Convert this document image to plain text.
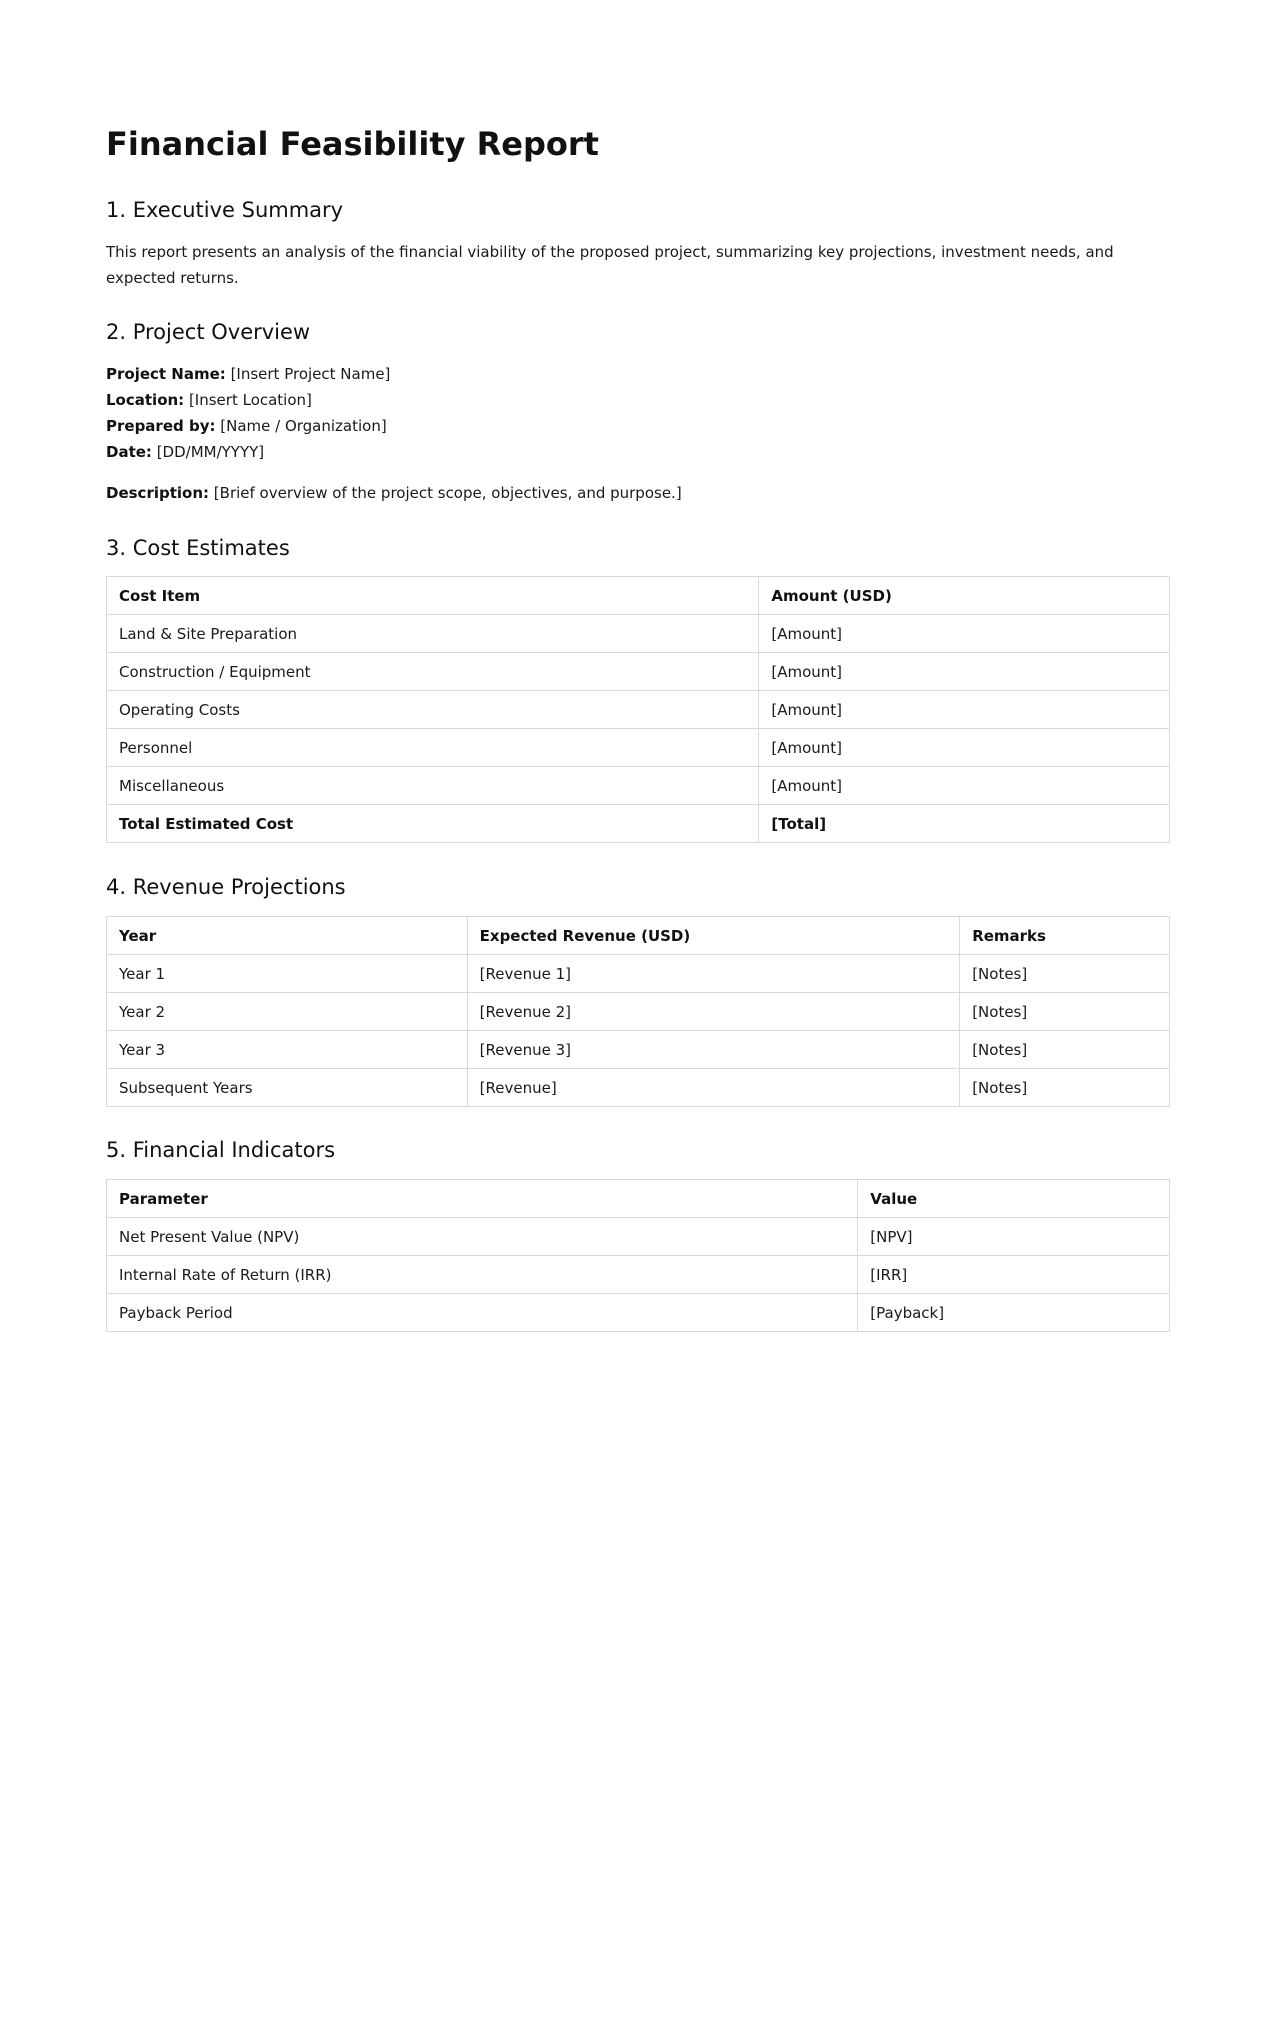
Financial Feasibility Report
1. Executive Summary

This report presents an analysis of the financial viability of the proposed project, summarizing key projections, investment needs, and expected returns.

2. Project Overview
Project Name: [Insert Project Name]
Location: [Insert Location]
Prepared by: [Name / Organization]
Date: [DD/MM/YYYY]
Description: [Brief overview of the project scope, objectives, and purpose.]
3. Cost Estimates
Cost Item	Amount (USD)
Land & Site Preparation	[Amount]
Construction / Equipment	[Amount]
Operating Costs	[Amount]
Personnel	[Amount]
Miscellaneous	[Amount]
Total Estimated Cost	[Total]
4. Revenue Projections
Year	Expected Revenue (USD)	Remarks
Year 1	[Revenue 1]	[Notes]
Year 2	[Revenue 2]	[Notes]
Year 3	[Revenue 3]	[Notes]
Subsequent Years	[Revenue]	[Notes]
5. Financial Indicators
Parameter	Value
Net Present Value (NPV)	[NPV]
Internal Rate of Return (IRR)	[IRR]
Payback Period	[Payback]
